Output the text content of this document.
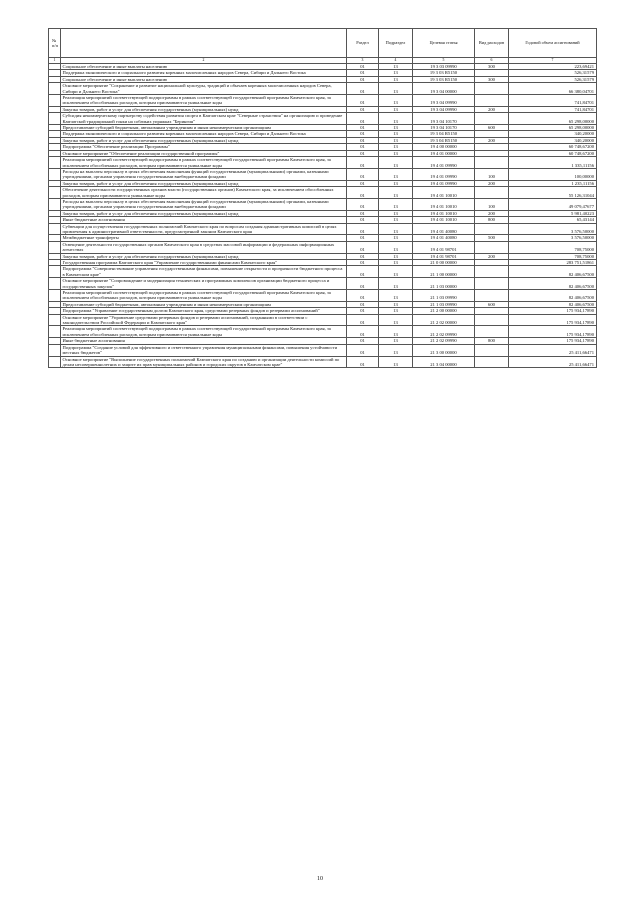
№ п/п		Раздел	Подраздел	Целевая статья	Вид расходов	Годовой объем ассигнований
1	2	3	4	5	6	7
	Социальное обеспечение и иные выплаты населению	01	13	19 3 03 09990	300	223,69421
	Поддержка экономического и социального развития коренных малочисленных народов Севера, Сибири и Дальнего Востока	01	13	19 3 03 R5150		526,31579
	Социальное обеспечение и иные выплаты населению	01	13	19 3 03 R5150	300	526,31579
	Основное мероприятие "Сохранение и развитие национальной культуры, традиций и обычаев коренных малочисленных народов Севера, Сибири и Дальнего Востока"	01	13	19 3 04 00000		66 380,04701
	Реализация мероприятий соответствующей подпрограммы в рамках соответствующей государственной программы Камчатского края, за исключением обособленных расходов, которым присваиваются уникальные коды	01	13	19 3 04 09990		741,84701
	Закупка товаров, работ и услуг для обеспечения государственных (муниципальных) нужд	01	13	19 3 04 09990	200	741,84701
	Субсидия некоммерческому партнерству содействия развития спорта в Камчатском крае "Северные странствия" на организацию и проведение Камчатской традиционной гонки на собачьих упряжках "Берингия"	01	13	19 3 04 10170		65 298,00000
	Предоставление субсидий бюджетным, автономным учреждениям и иным некоммерческим организациям	01	13	19 3 04 10170	600	65 298,00000
	Поддержка экономического и социального развития коренных малочисленных народов Севера, Сибири и Дальнего Востока	01	13	19 3 04 R5150		340,20000
	Закупка товаров, работ и услуг для обеспечения государственных (муниципальных) нужд	01	13	19 3 04 R5150	200	340,20000
	Подпрограмма "Обеспечение реализации Программы"	01	13	19 4 00 00000		60 748,67200
	Основное мероприятие "Обеспечение реализации государственной программы"	01	13	19 4 01 00000		60 748,67200
	Реализация мероприятий соответствующей подпрограммы в рамках соответствующей государственной программы Камчатского края, за исключением обособленных расходов, которым присваиваются уникальные коды	01	13	19 4 01 09990		1 335,11156
	Расходы на выплаты персоналу в целях обеспечения выполнения функций государственными (муниципальными) органами, казенными учреждениями, органами управления государственными внебюджетными фондами	01	13	19 4 01 09990	100	100,00000
	Закупка товаров, работ и услуг для обеспечения государственных (муниципальных) нужд	01	13	19 4 01 09990	200	1 235,11156
	Обеспечение деятельности государственных органов власти (государственных органов) Камчатского края, за исключением обособленных расходов, которым присваиваются уникальные коды	01	13	19 4 01 10010		55 126,31044
	Расходы на выплаты персоналу в целях обеспечения выполнения функций государственными (муниципальными) органами, казенными учреждениями, органами управления государственными внебюджетными фондами	01	13	19 4 01 10010	100	49 079,47677
	Закупка товаров, работ и услуг для обеспечения государственных (муниципальных) нужд	01	13	19 4 01 10010	200	5 981,40223
	Иные бюджетные ассигнования	01	13	19 4 01 10010	800	65,43144
	Субвенции для осуществления государственных полномочий Камчатского края по вопросам создания административных комиссий в целях привлечения к административной ответственности, предусмотренной законом Камчатского края	01	13	19 4 01 40080		3 576,50000
	Межбюджетные трансферты	01	13	19 4 01 40080	500	3 576,50000
	Освещение деятельности государственных органов Камчатского края в средствах массовой информации и федеральных информационных агентствах	01	13	19 4 01 98701		708,75000
	Закупка товаров, работ и услуг для обеспечения государственных (муниципальных) нужд	01	13	19 4 01 98701	200	708,75000
	Государственная программа Камчатского края "Управление государственными финансами Камчатского края"	01	13	21 0 00 00000		283 751,51861
	Подпрограмма "Совершенствование управления государственными финансами, повышение открытости и прозрачности бюджетного процесса в Камчатском крае"	01	13	21 1 00 00000		82 406,67500
	Основное мероприятие "Сопровождение и модернизация технических и программных комплексов организации бюджетного процесса и государственных закупок"	01	13	21 1 03 00000		82 406,67500
	Реализация мероприятий соответствующей подпрограммы в рамках соответствующей государственной программы Камчатского края, за исключением обособленных расходов, которым присваиваются уникальные коды	01	13	21 1 03 09990		82 406,67500
	Предоставление субсидий бюджетным, автономным учреждениям и иным некоммерческим организациям	01	13	21 1 03 09990	600	82 406,67500
	Подпрограмма "Управление государственным долгом Камчатского края, средствами резервных фондов и резервами ассигнований"	01	13	21 2 00 00000		175 934,17890
	Основное мероприятие "Управление средствами резервных фондов и резервами ассигнований, созданными в соответствии с законодательством Российской Федерации и Камчатского края"	01	13	21 2 02 00000		175 934,17890
	Реализация мероприятий соответствующей подпрограммы в рамках соответствующей государственной программы Камчатского края, за исключением обособленных расходов, которым присваиваются уникальные коды	01	13	21 2 02 09990		175 934,17890
	Иные бюджетные ассигнования	01	13	21 2 02 09990	800	175 934,17890
	Подпрограмма "Создание условий для эффективного и ответственного управления муниципальными финансами, повышения устойчивости местных бюджетов"	01	13	21 3 00 00000		25 411,66471
	Основное мероприятие "Выполнение государственных полномочий Камчатского края по созданию и организации деятельности комиссий по делам несовершеннолетних и защите их прав муниципальных районов и городских округов в Камчатском крае"	01	13	21 3 04 00000		25 411,66471
10
